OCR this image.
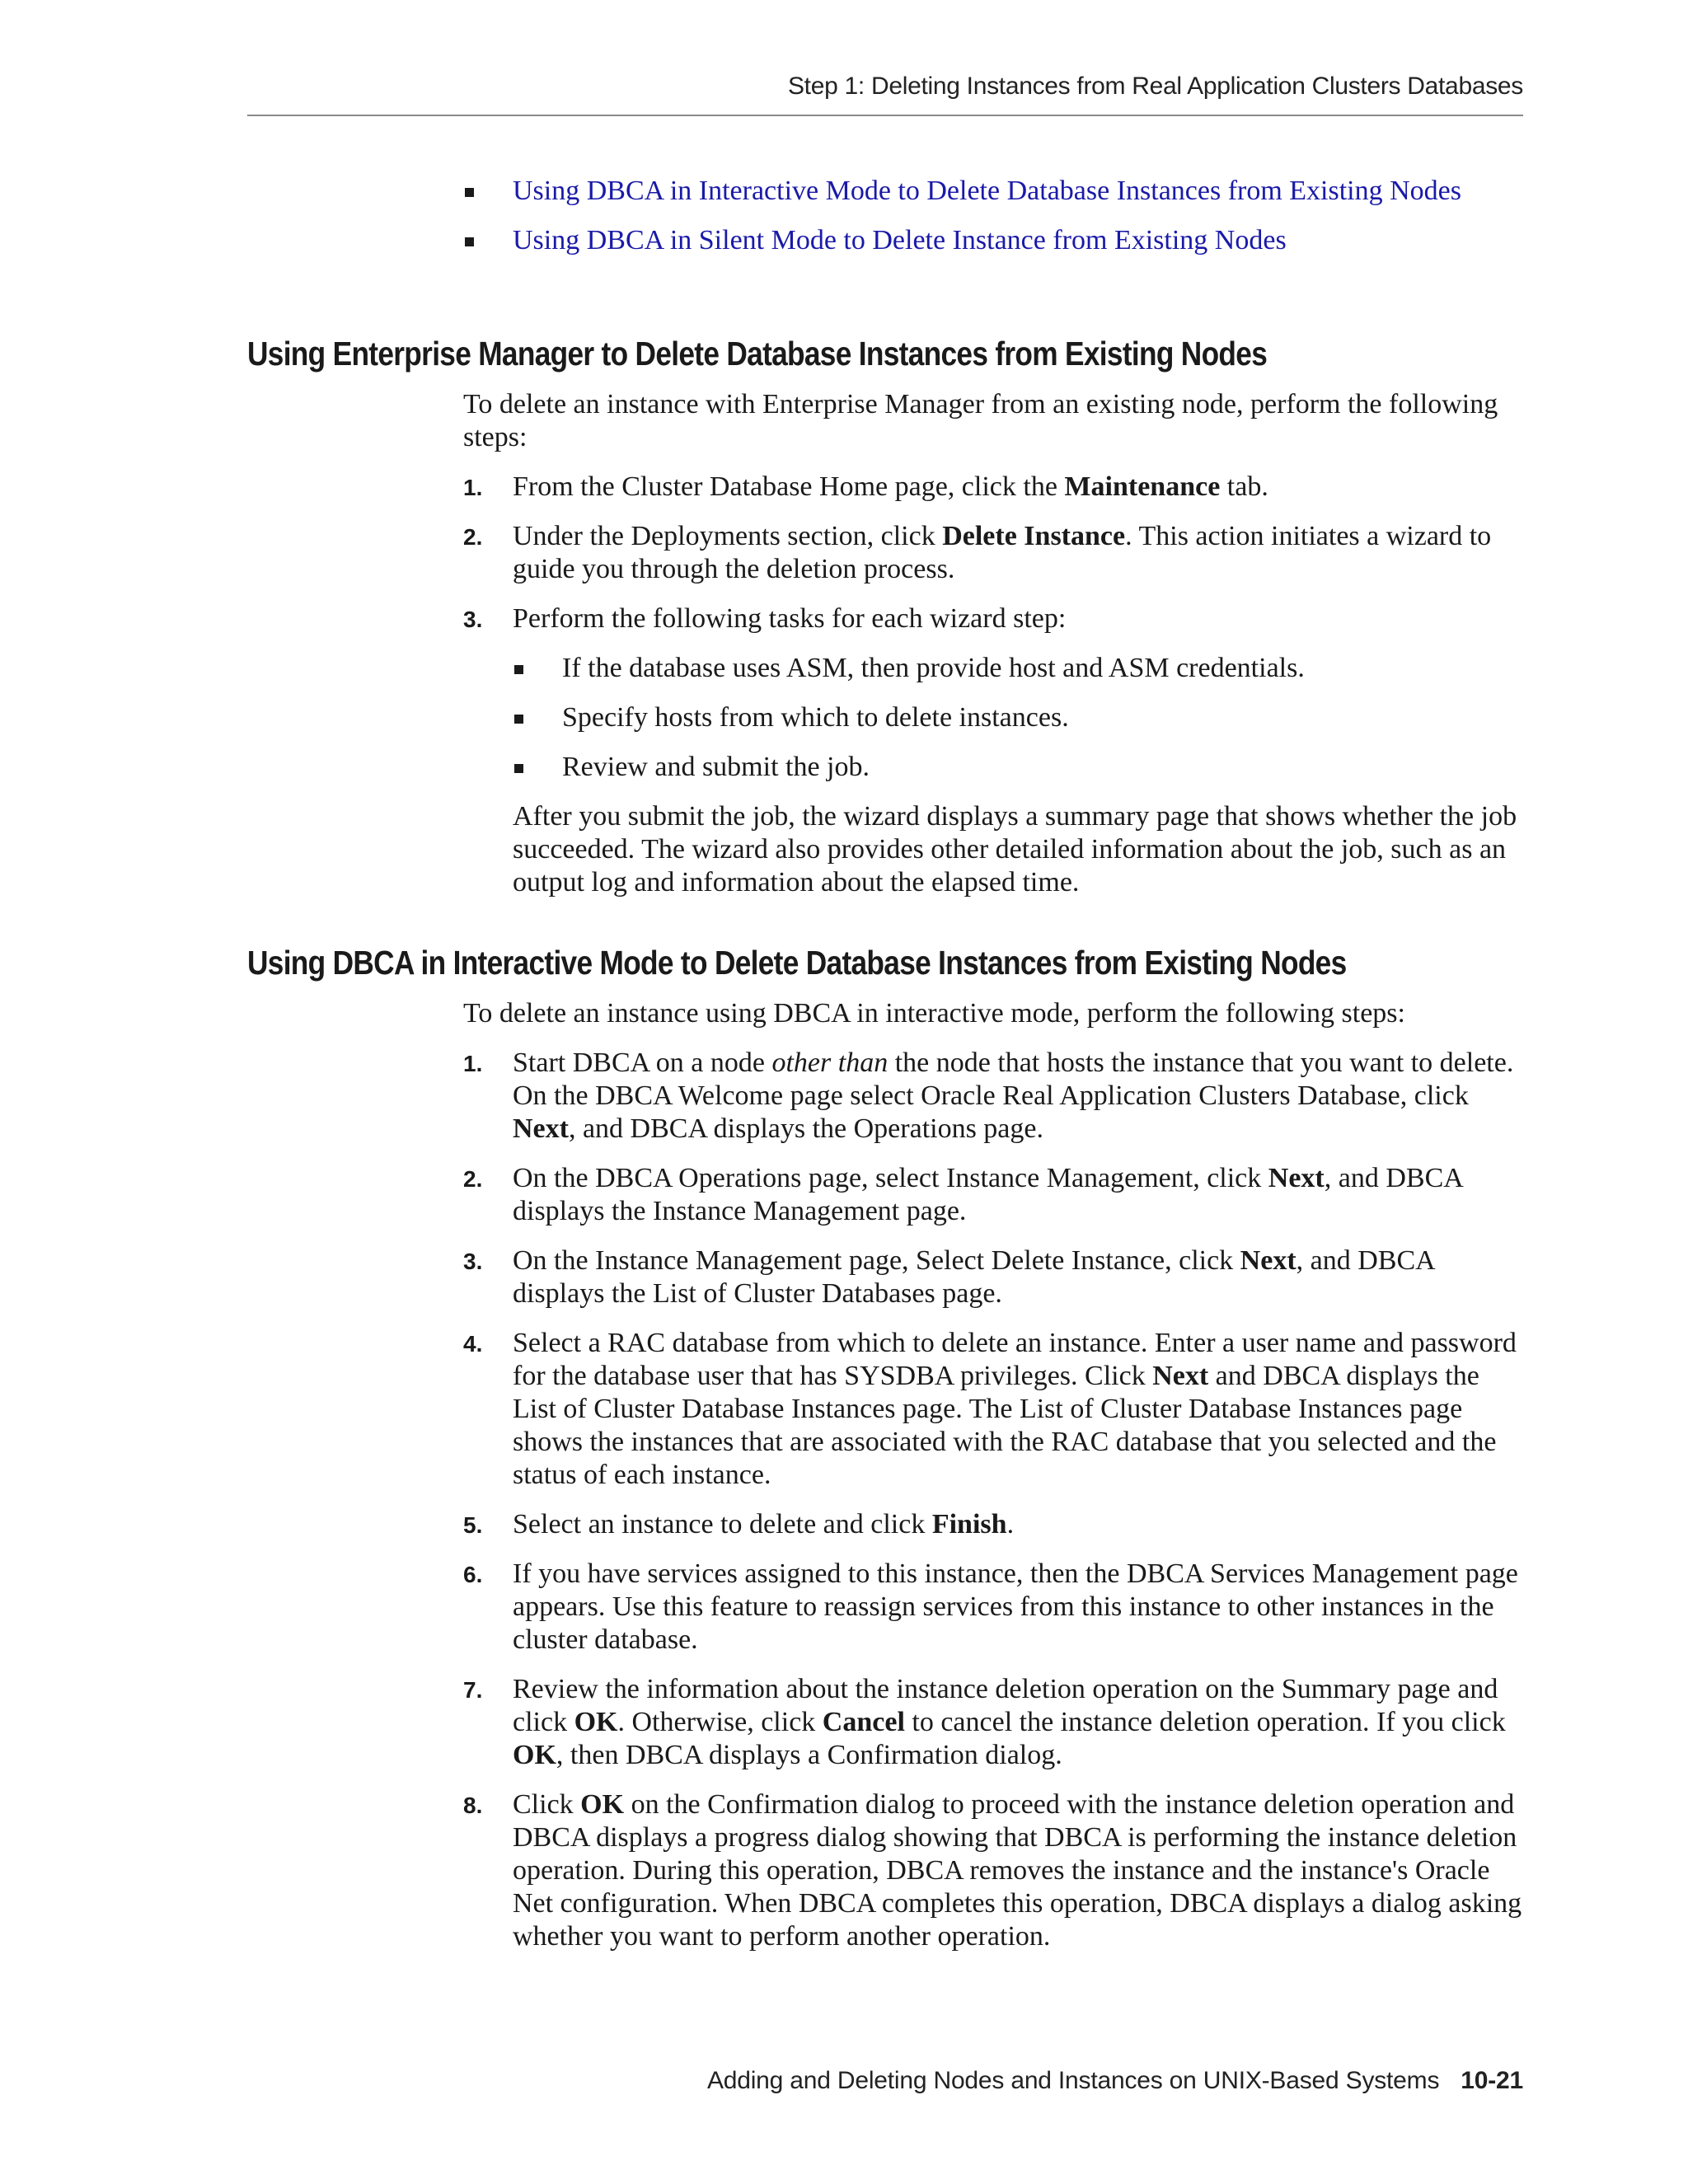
Step 1: Deleting Instances from Real Application Clusters Databases
Using DBCA in Interactive Mode to Delete Database Instances from Existing Nodes
Using DBCA in Silent Mode to Delete Instance from Existing Nodes
Using Enterprise Manager to Delete Database Instances from Existing Nodes

To delete an instance with Enterprise Manager from an existing node, perform the following steps:

1. From the Cluster Database Home page, click the Maintenance tab.
2. Under the Deployments section, click Delete Instance. This action initiates a wizard to guide you through the deletion process.
3. Perform the following tasks for each wizard step:
If the database uses ASM, then provide host and ASM credentials.
Specify hosts from which to delete instances.
Review and submit the job.
After you submit the job, the wizard displays a summary page that shows whether the job succeeded. The wizard also provides other detailed information about the job, such as an output log and information about the elapsed time.
Using DBCA in Interactive Mode to Delete Database Instances from Existing Nodes

To delete an instance using DBCA in interactive mode, perform the following steps:

1. Start DBCA on a node other than the node that hosts the instance that you want to delete. On the DBCA Welcome page select Oracle Real Application Clusters Database, click Next, and DBCA displays the Operations page.
2. On the DBCA Operations page, select Instance Management, click Next, and DBCA displays the Instance Management page.
3. On the Instance Management page, Select Delete Instance, click Next, and DBCA displays the List of Cluster Databases page.
4. Select a RAC database from which to delete an instance. Enter a user name and password for the database user that has SYSDBA privileges. Click Next and DBCA displays the List of Cluster Database Instances page. The List of Cluster Database Instances page shows the instances that are associated with the RAC database that you selected and the status of each instance.
5. Select an instance to delete and click Finish.
6. If you have services assigned to this instance, then the DBCA Services Management page appears. Use this feature to reassign services from this instance to other instances in the cluster database.
7. Review the information about the instance deletion operation on the Summary page and click OK. Otherwise, click Cancel to cancel the instance deletion operation. If you click OK, then DBCA displays a Confirmation dialog.
8. Click OK on the Confirmation dialog to proceed with the instance deletion operation and DBCA displays a progress dialog showing that DBCA is performing the instance deletion operation. During this operation, DBCA removes the instance and the instance's Oracle Net configuration. When DBCA completes this operation, DBCA displays a dialog asking whether you want to perform another operation.
Adding and Deleting Nodes and Instances on UNIX-Based Systems 10-21
